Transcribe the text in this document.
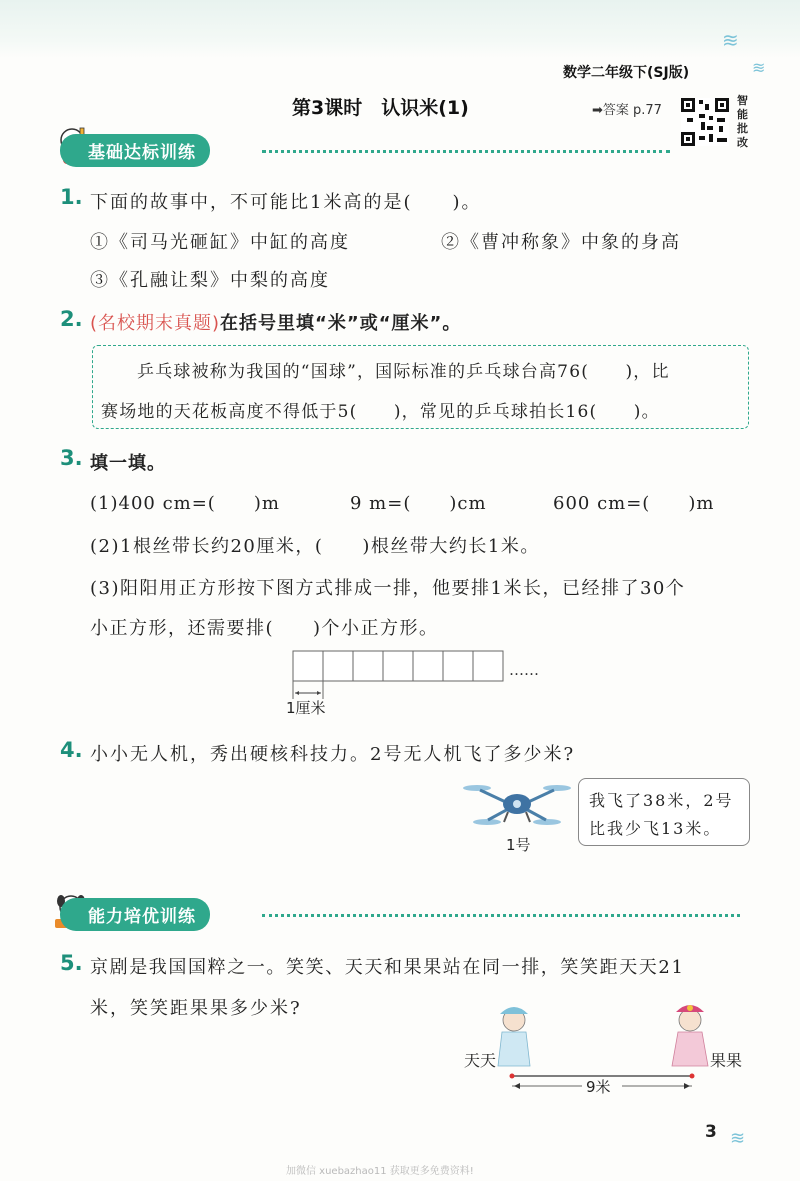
≋
≋
数学二年级下(SJ版)
第3课时　认识米(1)	➡答案 p.77
智能批改
基础达标训练
1. 下面的故事中，不可能比1米高的是(　　)。
①《司马光砸缸》中缸的高度	②《曹冲称象》中象的身高
③《孔融让梨》中梨的高度
2. (名校期末真题)在括号里填“米”或“厘米”。
乒乓球被称为我国的“国球”，国际标准的乒乓球台高76(　　)，比
赛场地的天花板高度不得低于5(　　)，常见的乒乓球拍长16(　　)。
3. 填一填。
(1)400 cm=(　　)m	9 m=(　　)cm	600 cm=(　　)m
(2)1根丝带长约20厘米，(　　)根丝带大约长1米。
(3)阳阳用正方形按下图方式排成一排，他要排1米长，已经排了30个
小正方形，还需要排(　　)个小正方形。
……
1厘米
4. 小小无人机，秀出硬核科技力。2号无人机飞了多少米?
1号
我飞了38米，2号
比我少飞13米。
能力培优训练
5. 京剧是我国国粹之一。笑笑、天天和果果站在同一排，笑笑距天天21
米，笑笑距果果多少米?
天天	果果
9米
3 ≋
加微信 xuebazhao11 获取更多免费资料!
